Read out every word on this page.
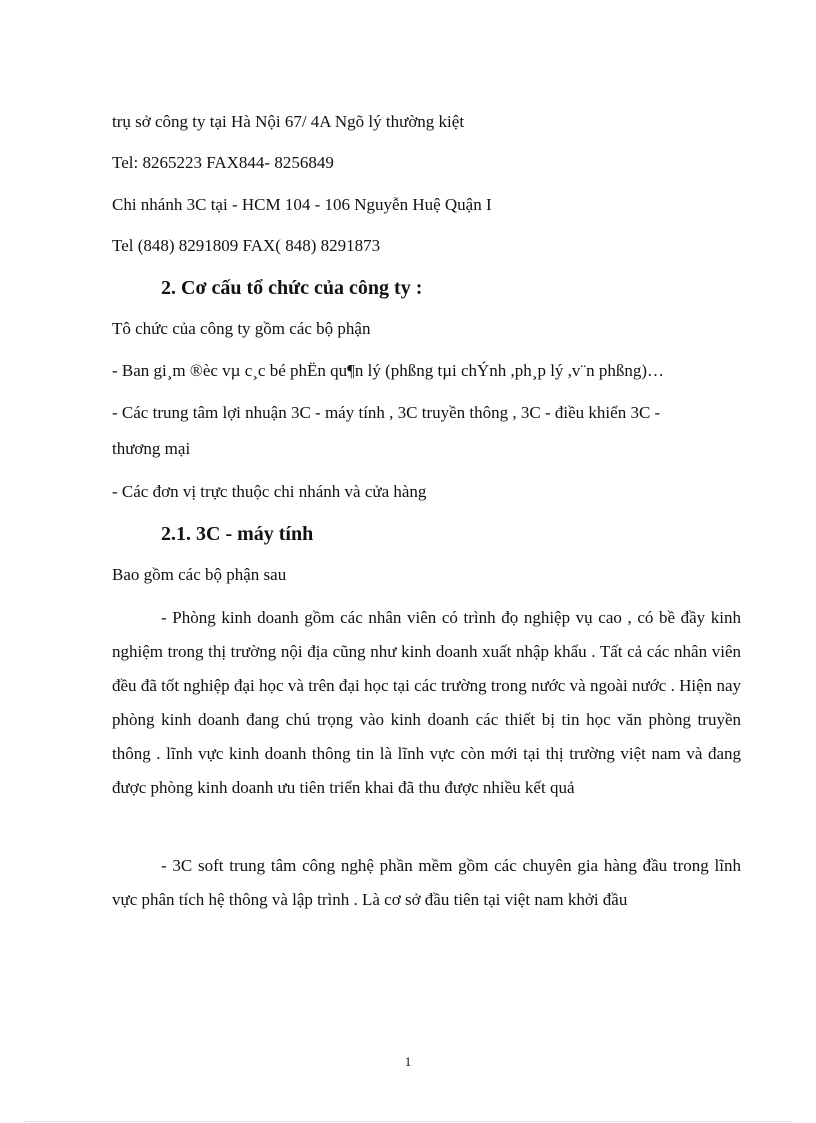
trụ sở công ty tại Hà Nội 67/ 4A Ngõ lý thường kiệt
Tel: 8265223 FAX844- 8256849
Chi nhánh 3C tại - HCM 104 - 106 Nguyễn Huệ Quận I
Tel (848) 8291809 FAX( 848) 8291873
2. Cơ cấu tổ chức của công ty :
Tô chức của công ty gồm các bộ phận
- Ban gi¸m ®èc vµ c¸c bé phËn qu¶n lý (phßng tµi chÝnh ,ph¸p lý ,v¨n phßng)…
- Các trung tâm lợi nhuận 3C - máy tính , 3C truyền thông , 3C - điều khiển 3C -
thương mại
- Các đơn vị trực thuộc chi nhánh và cửa hàng
2.1. 3C - máy tính
Bao gồm các bộ phận sau
- Phòng kinh doanh gồm các nhân viên có trình đọ nghiệp vụ cao , có bề đầy kinh nghiệm trong thị trường nội địa cũng như kinh doanh xuất nhập khẩu . Tất cả các nhân viên đều đã tốt nghiệp đại học và trên đại học tại các trường trong nước và ngoài nước . Hiện nay phòng kinh doanh đang chú trọng vào kinh doanh các thiết bị tin học văn phòng truyền thông . lĩnh vực kinh doanh thông tin là lĩnh vực còn mới tại thị trường việt nam và đang được phòng kinh doanh ưu tiên triển khai đã thu được nhiều kết quả
- 3C soft trung tâm công nghệ phần mềm gồm các chuyên gia hàng đầu trong lĩnh vực phân tích hệ thông và lập trình . Là cơ sở đầu tiên tại việt nam khởi đầu
1
